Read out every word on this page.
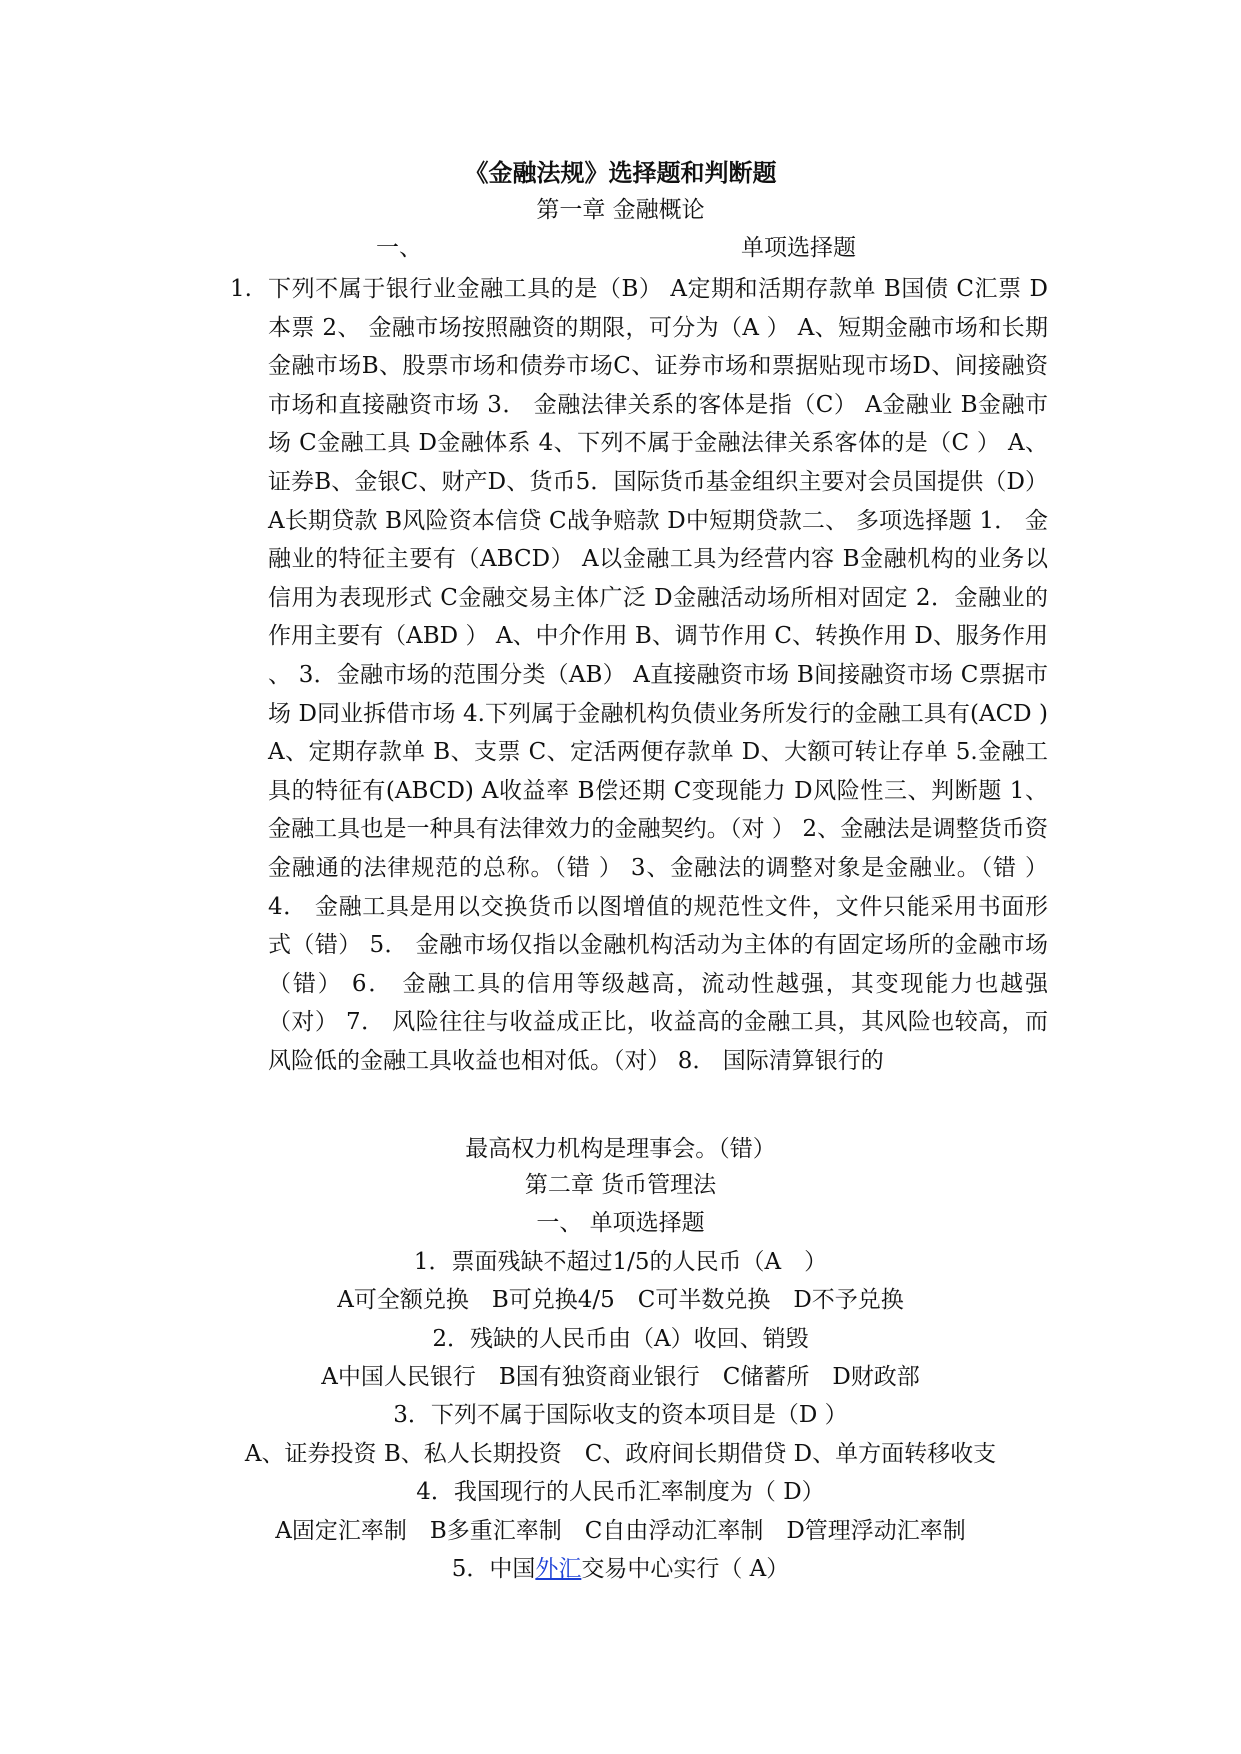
《金融法规》选择题和判断题
第一章 金融概论
一、	单项选择题
1. 下列不属于银行业金融工具的是（B） A定期和活期存款单 B国债 C汇票 D本票 2、 金融市场按照融资的期限，可分为（A ） A、短期金融市场和长期金融市场B、股票市场和债券市场C、证券市场和票据贴现市场D、间接融资市场和直接融资市场 3． 金融法律关系的客体是指（C） A金融业 B金融市场 C金融工具 D金融体系 4、下列不属于金融法律关系客体的是（C ） A、证券B、金银C、财产D、货币5．国际货币基金组织主要对会员国提供（D） A长期贷款 B风险资本信贷 C战争赔款 D中短期贷款二、 多项选择题 1． 金融业的特征主要有（ABCD） A以金融工具为经营内容 B金融机构的业务以信用为表现形式 C金融交易主体广泛 D金融活动场所相对固定 2．金融业的作用主要有（ABD ） A、中介作用 B、调节作用 C、转换作用 D、服务作用 、 3．金融市场的范围分类（AB） A直接融资市场 B间接融资市场 C票据市场 D同业拆借市场 4.下列属于金融机构负债业务所发行的金融工具有(ACD ) A、定期存款单 B、支票 C、定活两便存款单 D、大额可转让存单 5.金融工具的特征有(ABCD) A收益率 B偿还期 C变现能力 D风险性三、判断题 1、金融工具也是一种具有法律效力的金融契约。（对 ） 2、金融法是调整货币资金融通的法律规范的总称。（错 ） 3、金融法的调整对象是金融业。（错 ） 4． 金融工具是用以交换货币以图增值的规范性文件，文件只能采用书面形式（错） 5． 金融市场仅指以金融机构活动为主体的有固定场所的金融市场（错） 6． 金融工具的信用等级越高，流动性越强，其变现能力也越强（对） 7． 风险往往与收益成正比，收益高的金融工具，其风险也较高，而风险低的金融工具收益也相对低。（对） 8． 国际清算银行的
最高权力机构是理事会。（错）
第二章 货币管理法
一、 单项选择题
1．票面残缺不超过1/5的人民币（A　）
A可全额兑换　B可兑换4/5　C可半数兑换　D不予兑换
2．残缺的人民币由（A）收回、销毁
A中国人民银行　B国有独资商业银行　C储蓄所　D财政部
3．下列不属于国际收支的资本项目是（D ）
A、证券投资 B、私人长期投资　C、政府间长期借贷 D、单方面转移收支
4．我国现行的人民币汇率制度为（ D）
A固定汇率制　B多重汇率制　C自由浮动汇率制　D管理浮动汇率制
5．中国外汇交易中心实行（ A）
